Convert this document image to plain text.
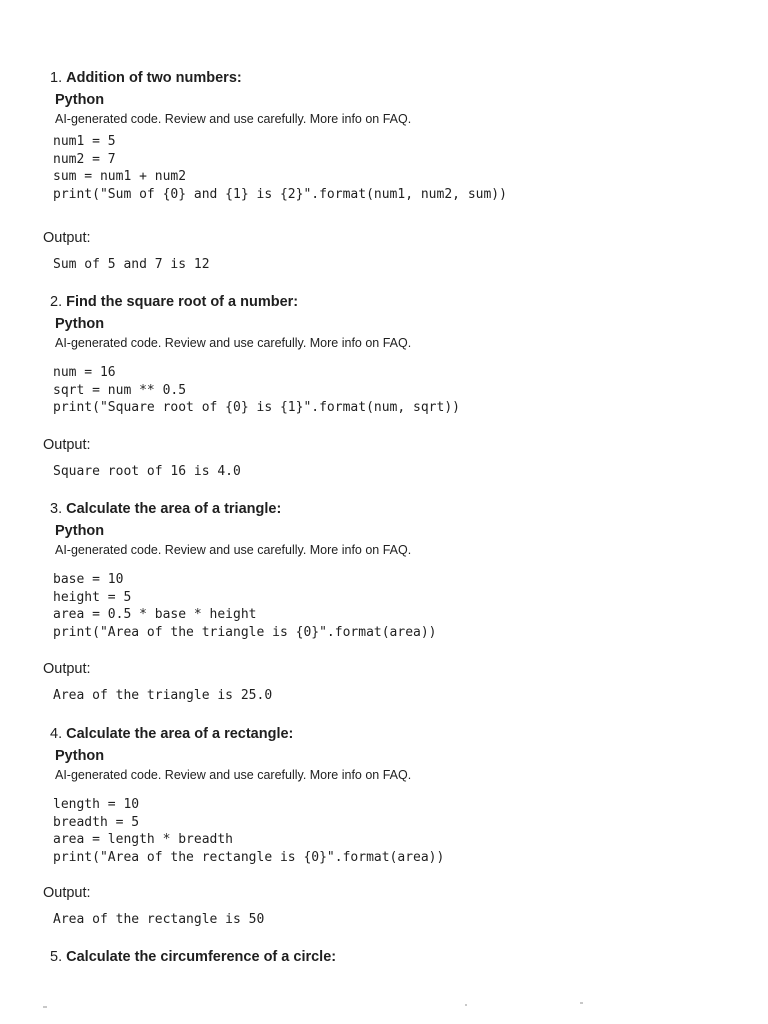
1. Addition of two numbers:
Python
AI-generated code. Review and use carefully. More info on FAQ.
num1 = 5
num2 = 7
sum = num1 + num2
print("Sum of {0} and {1} is {2}".format(num1, num2, sum))
Output:
Sum of 5 and 7 is 12
2. Find the square root of a number:
Python
AI-generated code. Review and use carefully. More info on FAQ.
num = 16
sqrt = num ** 0.5
print("Square root of {0} is {1}".format(num, sqrt))
Output:
Square root of 16 is 4.0
3. Calculate the area of a triangle:
Python
AI-generated code. Review and use carefully. More info on FAQ.
base = 10
height = 5
area = 0.5 * base * height
print("Area of the triangle is {0}".format(area))
Output:
Area of the triangle is 25.0
4. Calculate the area of a rectangle:
Python
AI-generated code. Review and use carefully. More info on FAQ.
length = 10
breadth = 5
area = length * breadth
print("Area of the rectangle is {0}".format(area))
Output:
Area of the rectangle is 50
5. Calculate the circumference of a circle:
